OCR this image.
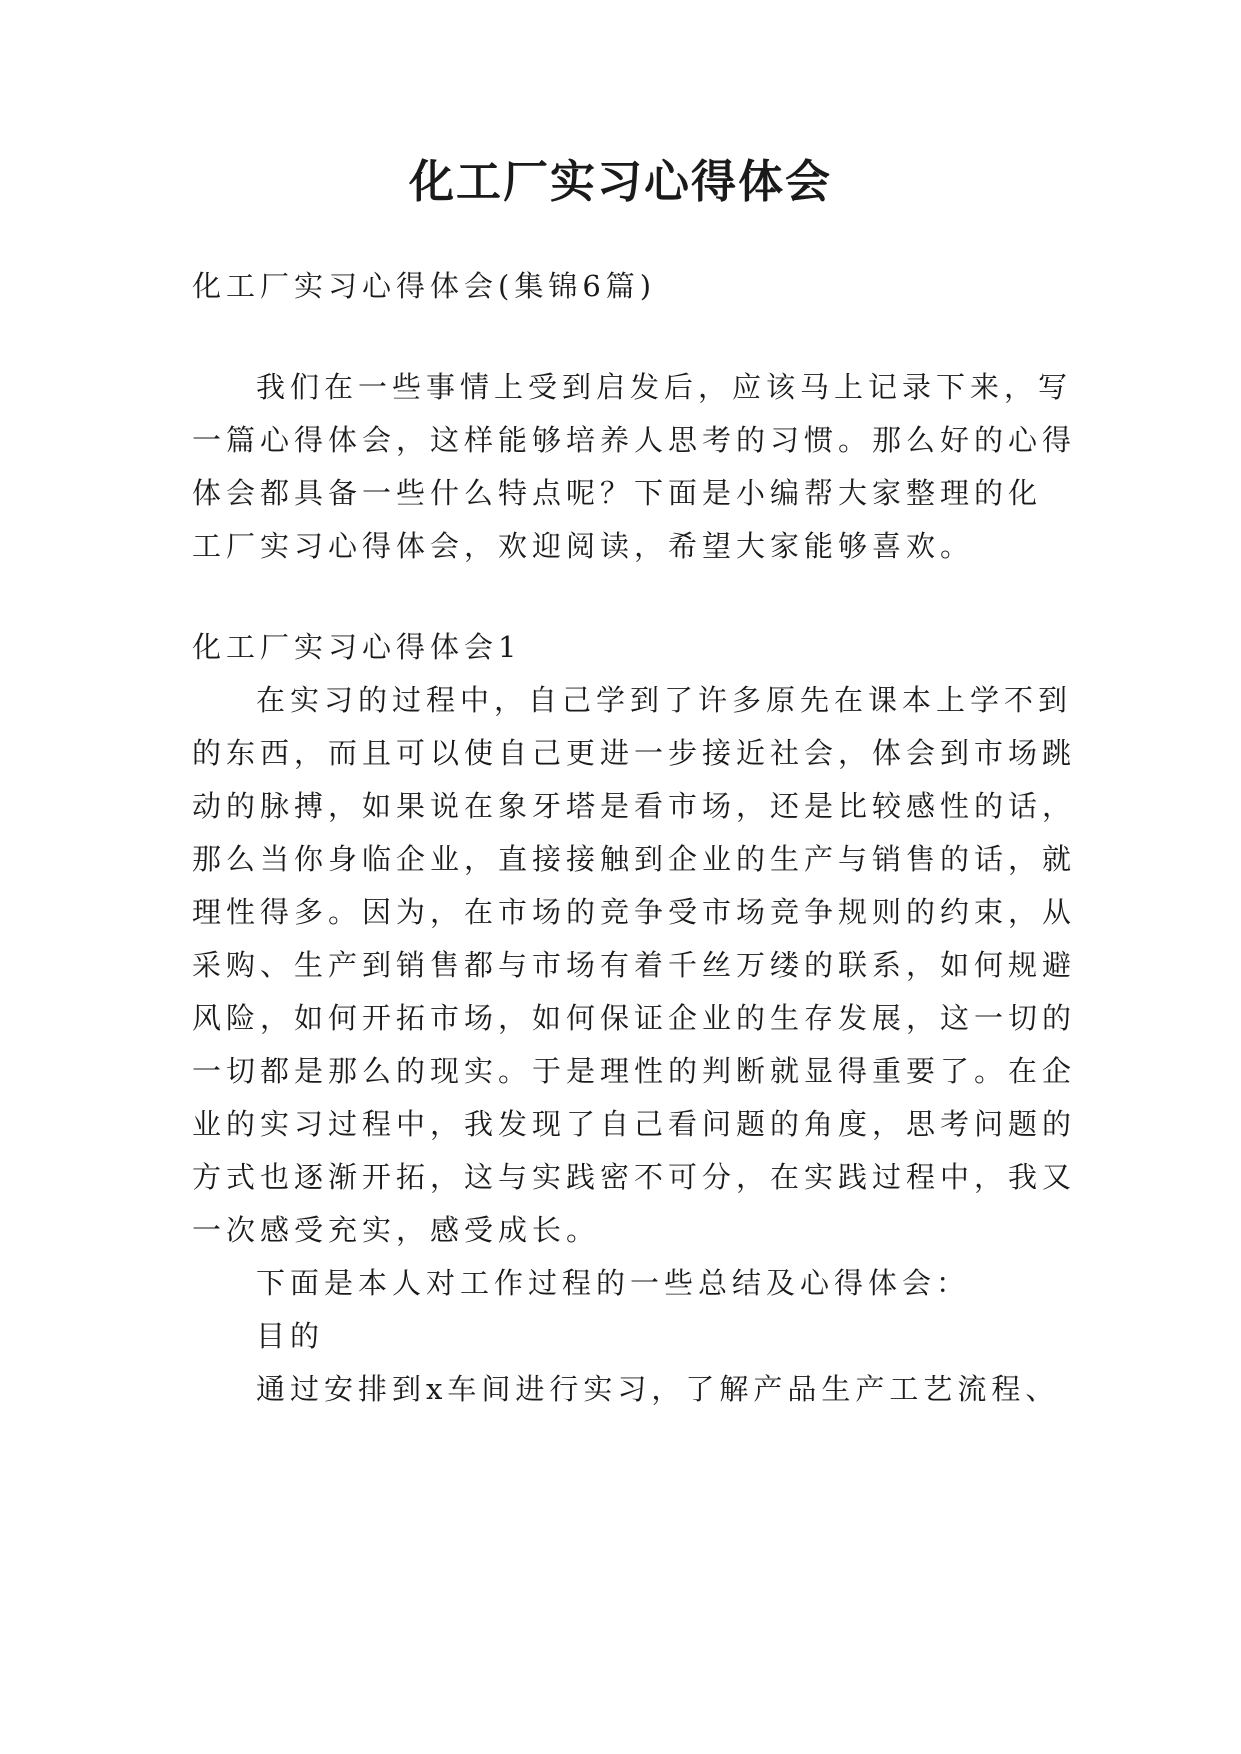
化工厂实习心得体会
化工厂实习心得体会(集锦6篇)
我们在一些事情上受到启发后，应该马上记录下来，写
一篇心得体会，这样能够培养人思考的习惯。那么好的心得
体会都具备一些什么特点呢？下面是小编帮大家整理的化
工厂实习心得体会，欢迎阅读，希望大家能够喜欢。
化工厂实习心得体会1
在实习的过程中，自己学到了许多原先在课本上学不到
的东西，而且可以使自己更进一步接近社会，体会到市场跳
动的脉搏，如果说在象牙塔是看市场，还是比较感性的话，
那么当你身临企业，直接接触到企业的生产与销售的话，就
理性得多。因为，在市场的竞争受市场竞争规则的约束，从
采购、生产到销售都与市场有着千丝万缕的联系，如何规避
风险，如何开拓市场，如何保证企业的生存发展，这一切的
一切都是那么的现实。于是理性的判断就显得重要了。在企
业的实习过程中，我发现了自己看问题的角度，思考问题的
方式也逐渐开拓，这与实践密不可分，在实践过程中，我又
一次感受充实，感受成长。
下面是本人对工作过程的一些总结及心得体会：
目的
通过安排到x车间进行实习，了解产品生产工艺流程、
